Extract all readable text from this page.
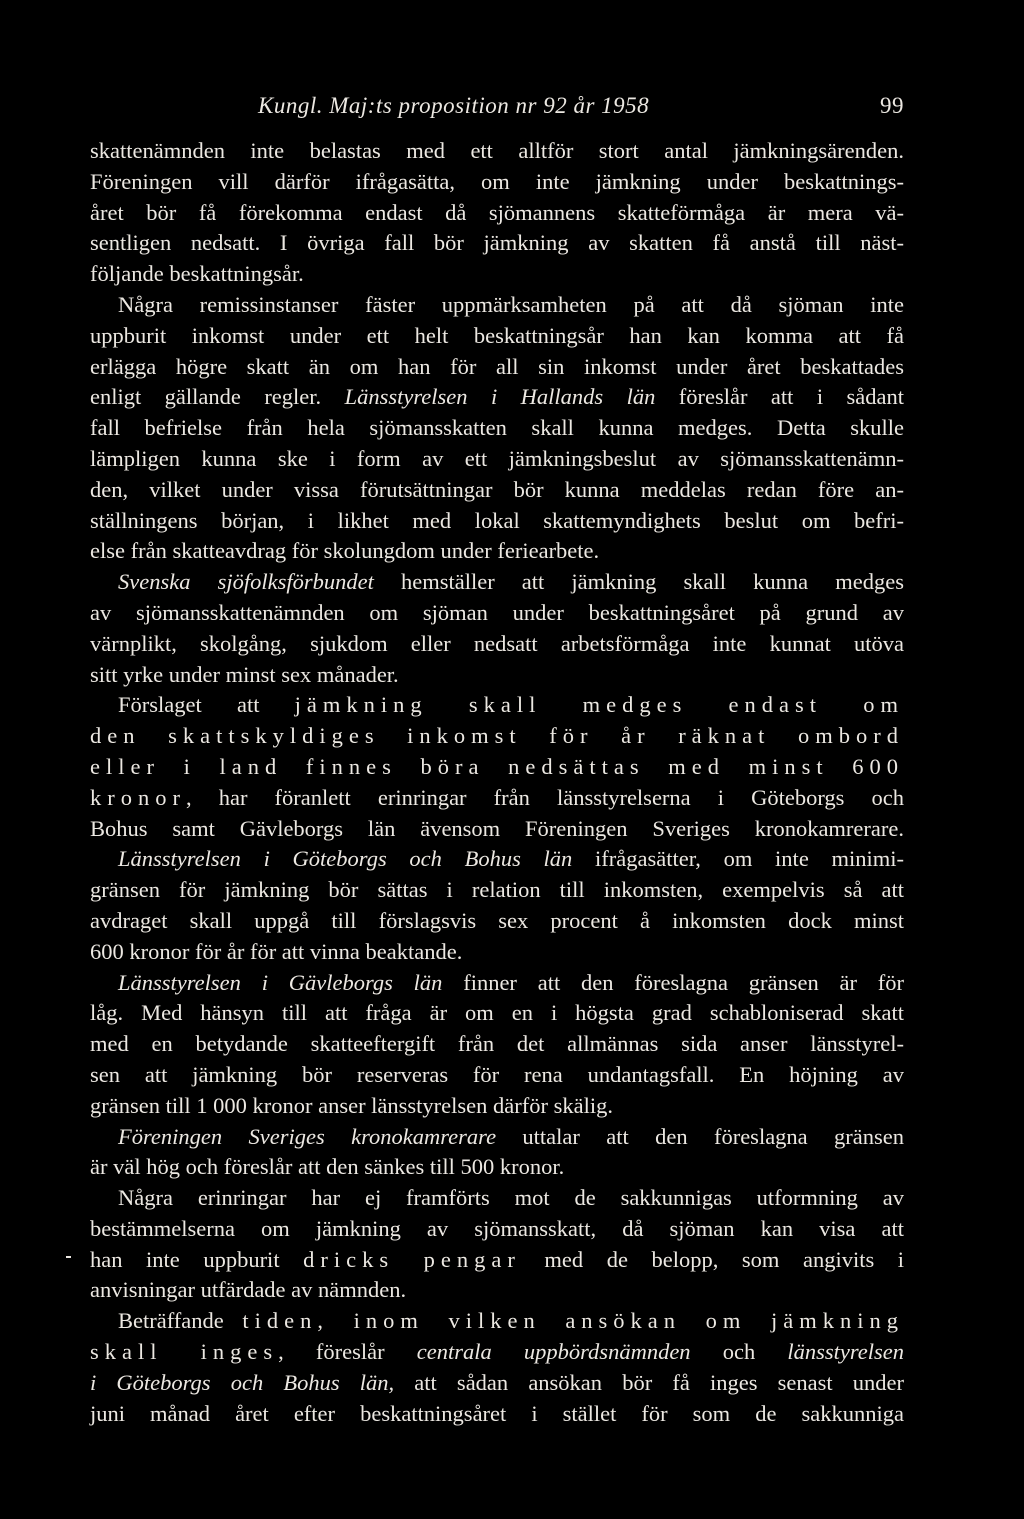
Kungl. Maj:ts proposition nr 92 år 1958	99
skattenämnden inte belastas med ett alltför stort antal jämkningsärenden.
Föreningen vill därför ifrågasätta, om inte jämkning under beskattnings-
året bör få förekomma endast då sjömannens skatteförmåga är mera vä-
sentligen nedsatt. I övriga fall bör jämkning av skatten få anstå till näst-
följande beskattningsår.
Några remissinstanser fäster uppmärksamheten på att då sjöman inte
uppburit inkomst under ett helt beskattningsår han kan komma att få
erlägga högre skatt än om han för all sin inkomst under året beskattades
enligt gällande regler. Länsstyrelsen i Hallands län föreslår att i sådant
fall befrielse från hela sjömansskatten skall kunna medges. Detta skulle
lämpligen kunna ske i form av ett jämkningsbeslut av sjömansskattenämn-
den, vilket under vissa förutsättningar bör kunna meddelas redan före an-
ställningens början, i likhet med lokal skattemyndighets beslut om befri-
else från skatteavdrag för skolungdom under feriearbete.
Svenska sjöfolksförbundet hemställer att jämkning skall kunna medges
av sjömansskattenämnden om sjöman under beskattningsåret på grund av
värnplikt, skolgång, sjukdom eller nedsatt arbetsförmåga inte kunnat utöva
sitt yrke under minst sex månader.
Förslaget att jämkning skall medges endast om
den skattskyldiges inkomst för år räknat ombord
eller i land finnes böra nedsättas med minst 600
kronor, har föranlett erinringar från länsstyrelserna i Göteborgs och
Bohus samt Gävleborgs län ävensom Föreningen Sveriges kronokamrerare.
Länsstyrelsen i Göteborgs och Bohus län ifrågasätter, om inte minimi-
gränsen för jämkning bör sättas i relation till inkomsten, exempelvis så att
avdraget skall uppgå till förslagsvis sex procent å inkomsten dock minst
600 kronor för år för att vinna beaktande.
Länsstyrelsen i Gävleborgs län finner att den föreslagna gränsen är för
låg. Med hänsyn till att fråga är om en i högsta grad schabloniserad skatt
med en betydande skatteeftergift från det allmännas sida anser länsstyrel-
sen att jämkning bör reserveras för rena undantagsfall. En höjning av
gränsen till 1 000 kronor anser länsstyrelsen därför skälig.
Föreningen Sveriges kronokamrerare uttalar att den föreslagna gränsen
är väl hög och föreslår att den sänkes till 500 kronor.
Några erinringar har ej framförts mot de sakkunnigas utformning av
bestämmelserna om jämkning av sjömansskatt, då sjöman kan visa att
han inte uppburit dricks pengar med de belopp, som angivits i
anvisningar utfärdade av nämnden.
Beträffande tiden, inom vilken ansökan om jämkning
skall inges, föreslår centrala uppbördsnämnden och länsstyrelsen
i Göteborgs och Bohus län, att sådan ansökan bör få inges senast under
juni månad året efter beskattningsåret i stället för som de sakkunniga
